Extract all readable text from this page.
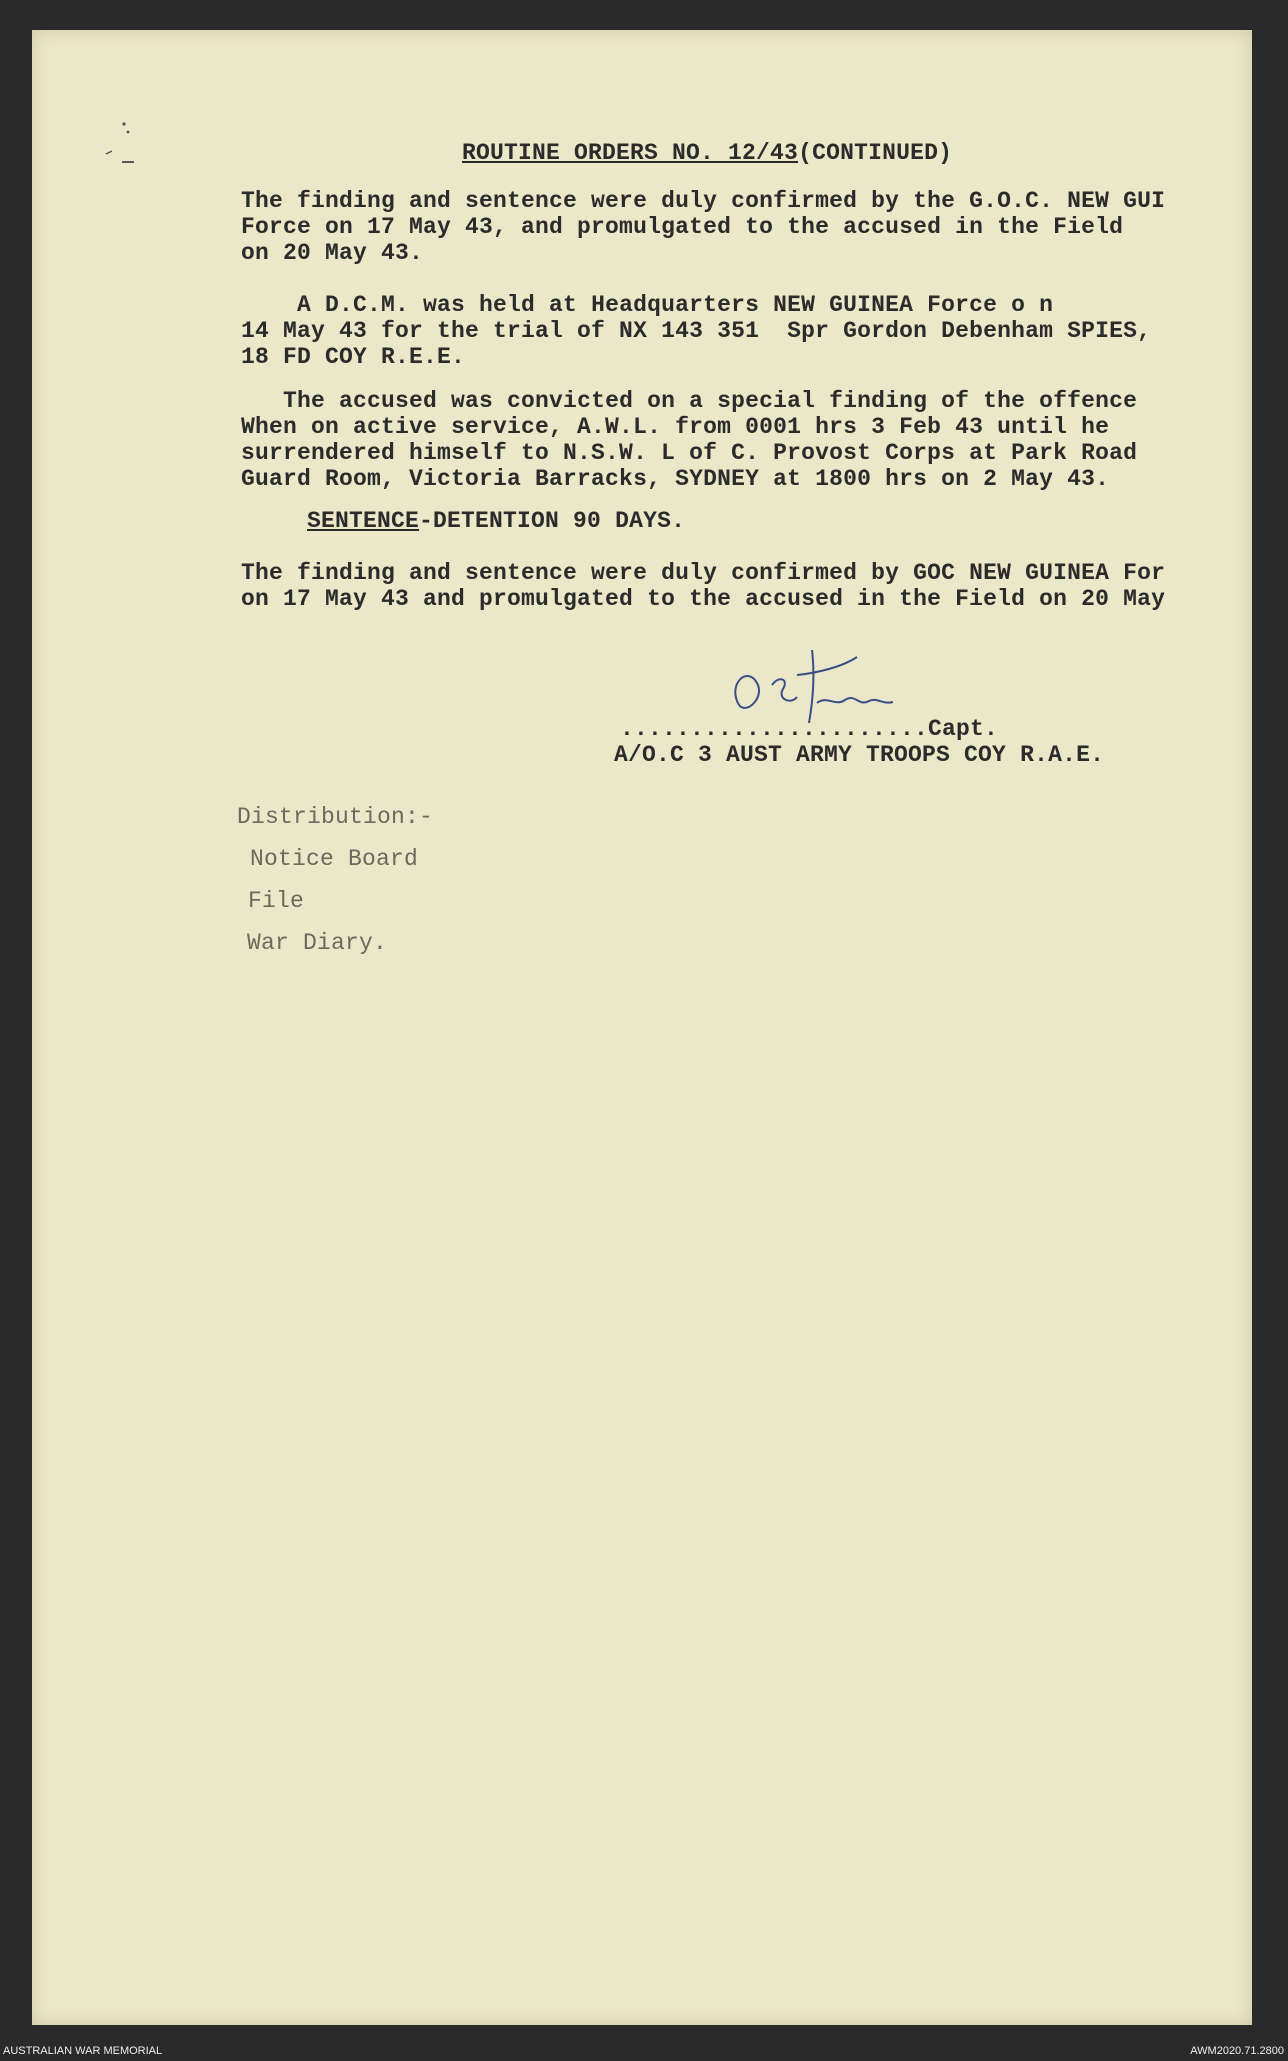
ROUTINE ORDERS NO. 12/43(CONTINUED)
The finding and sentence were duly confirmed by the G.O.C. NEW GUI
Force on 17 May 43, and promulgated to the accused in the Field
on 20 May 43.
A D.C.M. was held at Headquarters NEW GUINEA Force o n
14 May 43 for the trial of NX 143 351  Spr Gordon Debenham SPIES,
18 FD COY R.E.E.
The accused was convicted on a special finding of the offence
When on active service, A.W.L. from 0001 hrs 3 Feb 43 until he
surrendered himself to N.S.W. L of C. Provost Corps at Park Road
Guard Room, Victoria Barracks, SYDNEY at 1800 hrs on 2 May 43.
SENTENCE-DETENTION 90 DAYS.
The finding and sentence were duly confirmed by GOC NEW GUINEA For
on 17 May 43 and promulgated to the accused in the Field on 20 May
......................Capt.
A/O.C 3 AUST ARMY TROOPS COY R.A.E.
Distribution:-
Notice Board
File
War Diary.
AUSTRALIAN WAR MEMORIAL	AWM2020.71.2800
